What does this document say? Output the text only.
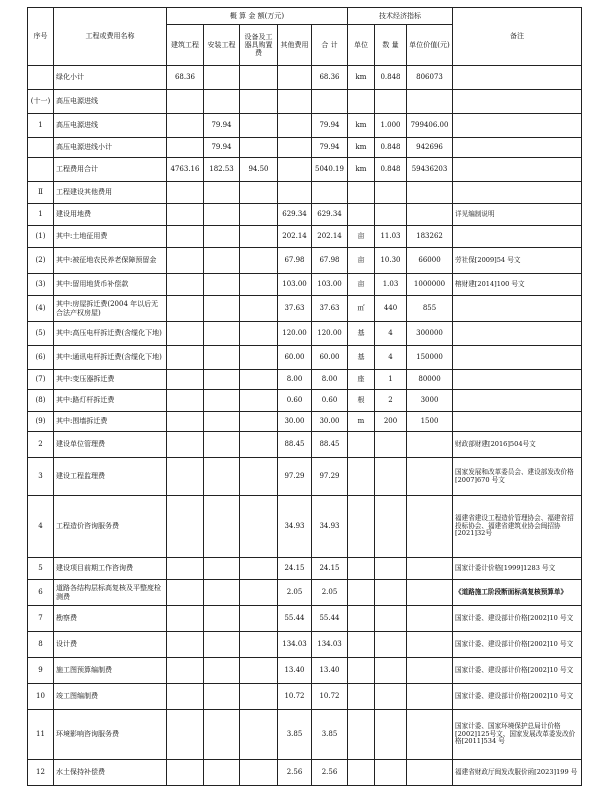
序号	工程或费用名称	概 算 金 额(万元)					技术经济指标			备注
		建筑工程	安装工程	设备及工器具购置费	其他费用	合 计	单位	数 量	单位价值(元)	
	绿化小计	68.36				68.36	km	0.848	806073	
(十一)	高压电源进线									
1	高压电源进线		79.94			79.94	km	1.000	799406.00	
	高压电源进线小计		79.94			79.94	km	0.848	942696	
	工程费用合计	4763.16	182.53	94.50		5040.19	km	0.848	59436203	
Ⅱ	工程建设其他费用									
1	建设用地费				629.34	629.34				详见编制说明
(1)	其中:土地征用费				202.14	202.14	亩	11.03	183262	
(2)	其中:被征地农民养老保障预留金				67.98	67.98	亩	10.30	66000	劳社保[2009]54 号文
(3)	其中:留用地货币补偿款				103.00	103.00	亩	1.03	1000000	榕财建[2014]100 号文
(4)	其中:房屋拆迁费(2004 年以后无合法产权房屋)				37.63	37.63	㎡	440	855	
(5)	其中:高压电杆拆迁费(含缆化下地)				120.00	120.00	基	4	300000	
(6)	其中:通讯电杆拆迁费(含缆化下地)				60.00	60.00	基	4	150000	
(7)	其中:变压器拆迁费				8.00	8.00	座	1	80000	
(8)	其中:路灯杆拆迁费				0.60	0.60	根	2	3000	
(9)	其中:围墙拆迁费				30.00	30.00	m	200	1500	
2	建设单位管理费				88.45	88.45				财政部财建[2016]504号文
3	建设工程监理费				97.29	97.29				国家发展和改革委员会、建设部发改价格[2007]670 号文
4	工程造价咨询服务费				34.93	34.93				福建省建设工程造价管理协会、福建省招投标协会、福建省建筑业协会闽招协[2021]32号
5	建设项目前期工作咨询费				24.15	24.15				国家计委计价格[1999]1283 号文
6	道路各结构层标高复核及平整度检测费				2.05	2.05				《道路施工阶段断面标高复核预算单》
7	勘察费				55.44	55.44				国家计委、建设部计价格[2002]10 号文
8	设计费				134.03	134.03				国家计委、建设部计价格[2002]10 号文
9	施工图预算编制费				13.40	13.40				国家计委、建设部计价格[2002]10 号文
10	竣工图编制费				10.72	10.72				国家计委、建设部计价格[2002]10 号文
11	环境影响咨询服务费				3.85	3.85				国家计委、国家环境保护总局计价格[2002]125号文、国家发展改革委发改价格[2011]534 号
12	水土保持补偿费				2.56	2.56				福建省财政厅闽发改服价函[2023]199 号
